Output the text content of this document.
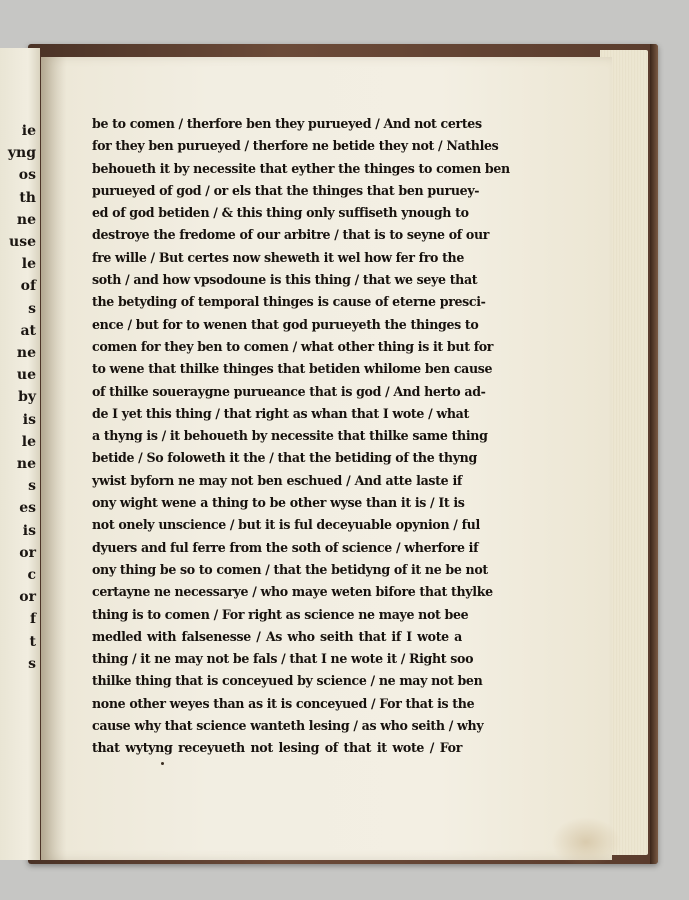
ie
yng
os
th
ne
use
le
of
s
at
ne
ue
by
is
le
ne
s
es
is
or
c
or
f
t
s
be to comen / therfore ben they purueyed / And not certes
for they ben purueyed / therfore ne betide they not / Nathles
behoueth it by necessite that eyther the thinges to comen ben
purueyed of god / or els that the thinges that ben puruey-
ed of god betiden / & this thing only suffiseth ynough to
destroye the fredome of our arbitre / that is to seyne of our
fre wille / But certes now sheweth it wel how fer fro the
soth / and how vpsodoune is this thing / that we seye that
the betyding of temporal thinges is cause of eterne presci-
ence / but for to wenen that god purueyeth the thinges to
comen for they ben to comen / what other thing is it but for
to wene that thilke thinges that betiden whilome ben cause
of thilke soueraygne purueance that is god / And herto ad-
de I yet this thing / that right as whan that I wote / what
a thyng is / it behoueth by necessite that thilke same thing
betide / So foloweth it the / that the betiding of the thyng
ywist byforn ne may not ben eschued / And atte laste if
ony wight wene a thing to be other wyse than it is / It is
not onely unscience / but it is ful deceyuable opynion / ful
dyuers and ful ferre from the soth of science / wherfore if
ony thing be so to comen / that the betidyng of it ne be not
certayne ne necessarye / who maye weten bifore that thylke
thing is to comen / For right as science ne maye not bee
medled with falsenesse / As who seith that if I wote a
thing / it ne may not be fals / that I ne wote it / Right soo
thilke thing that is conceyued by science / ne may not ben
none other weyes than as it is conceyued / For that is the
cause why that science wanteth lesing / as who seith / why
that wytyng receyueth not lesing of that it wote / For
